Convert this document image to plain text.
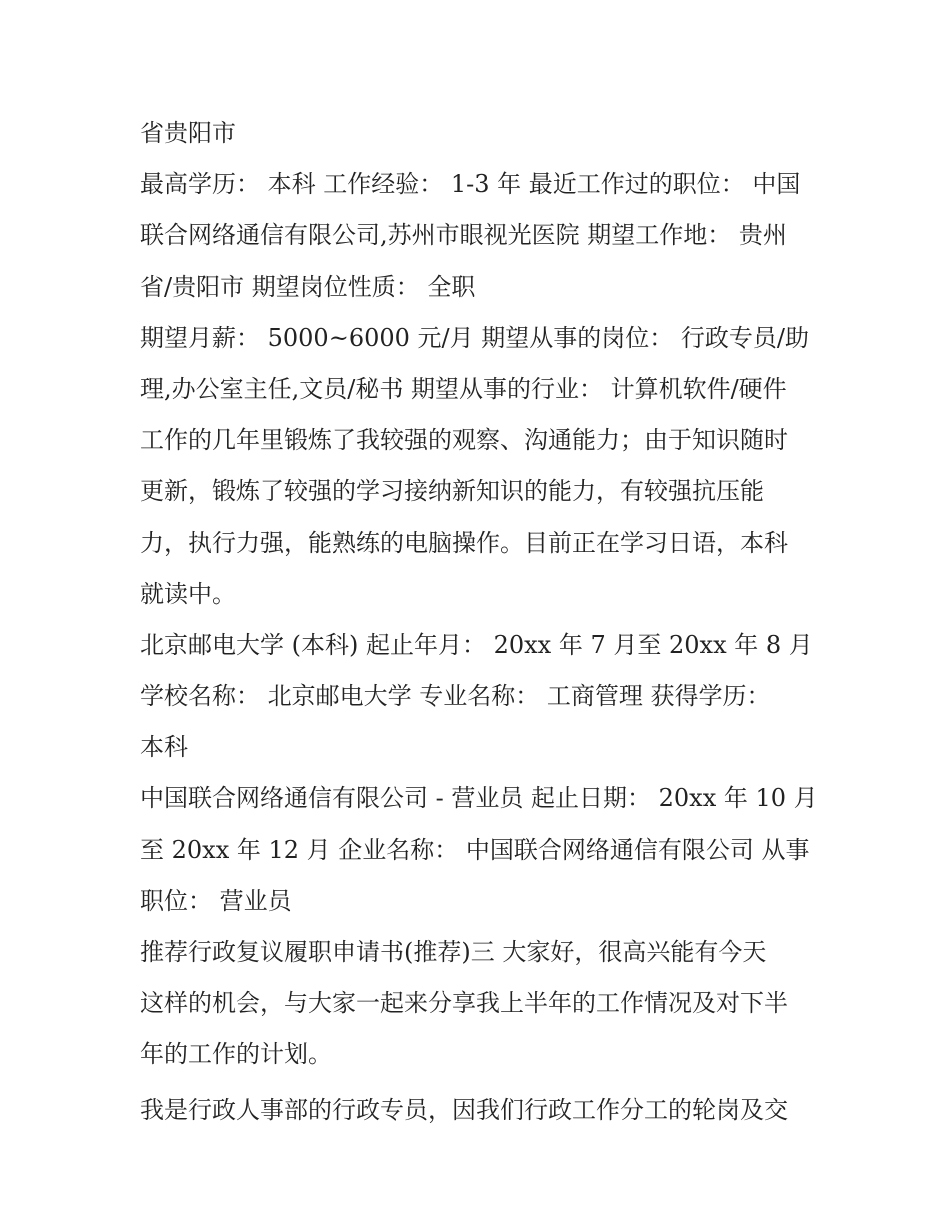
省贵阳市
最高学历： 本科 工作经验： 1-3 年 最近工作过的职位： 中国
联合网络通信有限公司,苏州市眼视光医院 期望工作地： 贵州
省/贵阳市 期望岗位性质： 全职
期望月薪： 5000~6000 元/月 期望从事的岗位： 行政专员/助
理,办公室主任,文员/秘书 期望从事的行业： 计算机软件/硬件
工作的几年里锻炼了我较强的观察、沟通能力；由于知识随时
更新，锻炼了较强的学习接纳新知识的能力，有较强抗压能
力，执行力强，能熟练的电脑操作。目前正在学习日语，本科
就读中。
北京邮电大学 (本科) 起止年月： 20xx 年 7 月至 20xx 年 8 月
学校名称： 北京邮电大学 专业名称： 工商管理 获得学历：
本科
中国联合网络通信有限公司 - 营业员 起止日期： 20xx 年 10 月
至 20xx 年 12 月 企业名称： 中国联合网络通信有限公司 从事
职位： 营业员
推荐行政复议履职申请书(推荐)三 大家好，很高兴能有今天
这样的机会，与大家一起来分享我上半年的工作情况及对下半
年的工作的计划。
我是行政人事部的行政专员，因我们行政工作分工的轮岗及交
